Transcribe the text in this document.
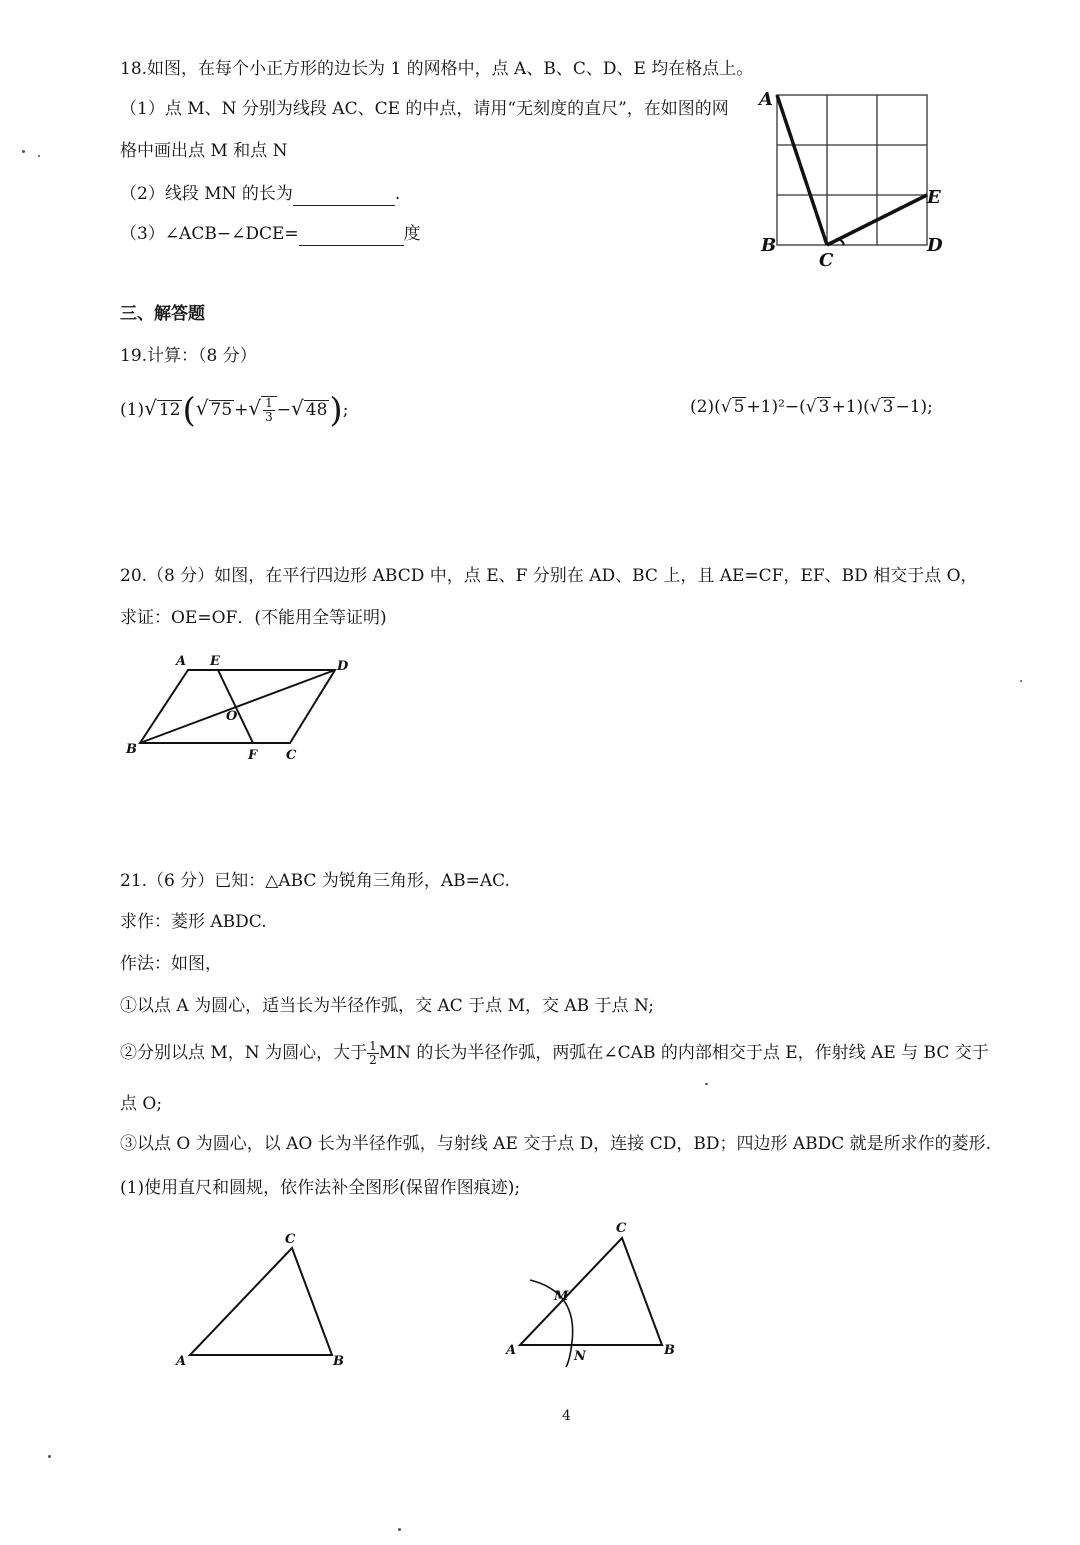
18.如图，在每个小正方形的边长为 1 的网格中，点 A、B、C、D、E 均在格点上。
（1）点 M、N 分别为线段 AC、CE 的中点，请用“无刻度的直尺”，在如图的网
格中画出点 M 和点 N
（2）线段 MN 的长为	.
（3）∠ACB−∠DCE=	度
A
B
C
D
E
三、解答题
19.计算：（8 分）
(1)√ 12(√ 75 +√ $\frac{1}{3}$ −√ 48);	(2)(√ 5 +1)²−(√ 3 +1)(√ 3 −1);
20.（8 分）如图，在平行四边形 ABCD 中，点 E、F 分别在 AD、BC 上，且 AE=CF，EF、BD 相交于点 O，
求证：OE=OF．(不能用全等证明)
A E	D
O
B	F C
21.（6 分）已知：△ABC 为锐角三角形，AB=AC.
求作：菱形 ABDC.
作法：如图，
①以点 A 为圆心，适当长为半径作弧，交 AC 于点 M，交 AB 于点 N;
②分别以点 M，N 为圆心，大于 $\frac{1}{2}$ MN 的长为半径作弧，两弧在∠CAB 的内部相交于点 E，作射线 AE 与 BC 交于
点 O;
③以点 O 为圆心，以 AO 长为半径作弧，与射线 AE 交于点 D，连接 CD，BD；四边形 ABDC 就是所求作的菱形.
(1)使用直尺和圆规，依作法补全图形(保留作图痕迹);
A	B
C
A	B
C
M
N
4
